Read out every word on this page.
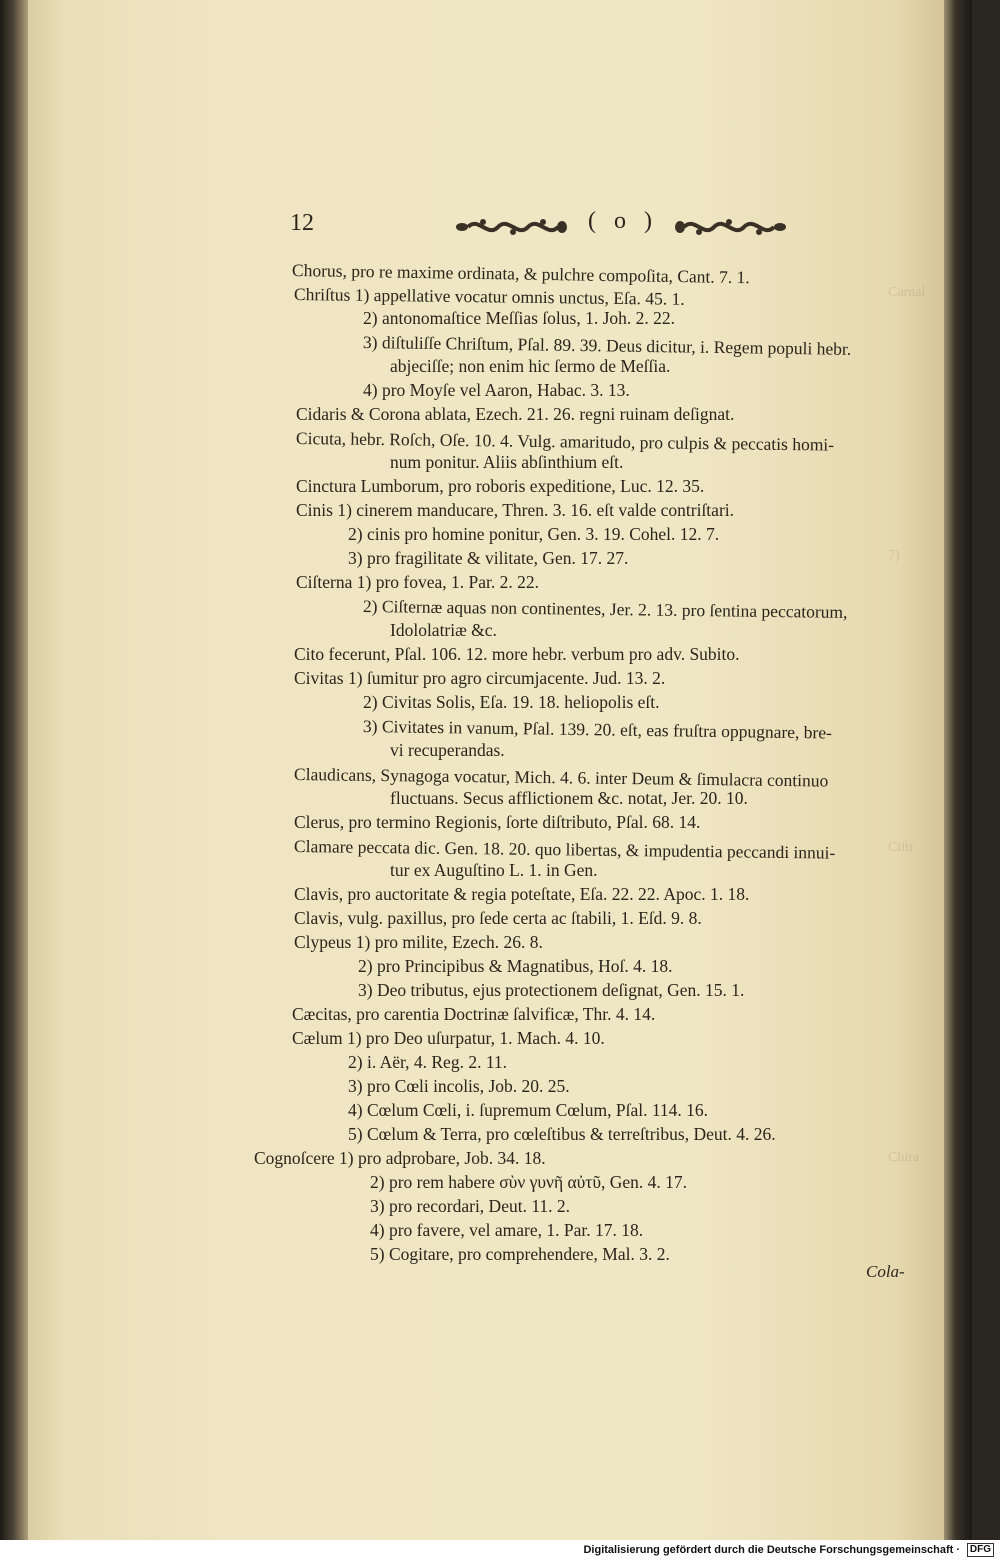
Carnal
7)
Ciſtr
Chira
12	( o )
Chorus, pro re maxime ordinata, & pulchre compoſita, Cant. 7. 1.
Chriſtus 1) appellative vocatur omnis unctus, Eſa. 45. 1.
2) antonomaſtice Meſſias ſolus, 1. Joh. 2. 22.
3) diſtuliſſe Chriſtum, Pſal. 89. 39. Deus dicitur, i. Regem populi hebr.
abjeciſſe; non enim hic ſermo de Meſſia.
4) pro Moyſe vel Aaron, Habac. 3. 13.
Cidaris & Corona ablata, Ezech. 21. 26. regni ruinam deſignat.
Cicuta, hebr. Roſch, Oſe. 10. 4. Vulg. amaritudo, pro culpis & peccatis homi-
num ponitur. Aliis abſinthium eſt.
Cinctura Lumborum, pro roboris expeditione, Luc. 12. 35.
Cinis 1) cinerem manducare, Thren. 3. 16. eſt valde contriſtari.
2) cinis pro homine ponitur, Gen. 3. 19. Cohel. 12. 7.
3) pro fragilitate & vilitate, Gen. 17. 27.
Ciſterna 1) pro fovea, 1. Par. 2. 22.
2) Ciſternæ aquas non continentes, Jer. 2. 13. pro ſentina peccatorum,
Idololatriæ &c.
Cito fecerunt, Pſal. 106. 12. more hebr. verbum pro adv. Subito.
Civitas 1) ſumitur pro agro circumjacente. Jud. 13. 2.
2) Civitas Solis, Eſa. 19. 18. heliopolis eſt.
3) Civitates in vanum, Pſal. 139. 20. eſt, eas fruſtra oppugnare, bre-
vi recuperandas.
Claudicans, Synagoga vocatur, Mich. 4. 6. inter Deum & ſimulacra continuo
fluctuans. Secus afflictionem &c. notat, Jer. 20. 10.
Clerus, pro termino Regionis, ſorte diſtributo, Pſal. 68. 14.
Clamare peccata dic. Gen. 18. 20. quo libertas, & impudentia peccandi innui-
tur ex Auguſtino L. 1. in Gen.
Clavis, pro auctoritate & regia poteſtate, Eſa. 22. 22. Apoc. 1. 18.
Clavis, vulg. paxillus, pro ſede certa ac ſtabili, 1. Eſd. 9. 8.
Clypeus 1) pro milite, Ezech. 26. 8.
2) pro Principibus & Magnatibus, Hoſ. 4. 18.
3) Deo tributus, ejus protectionem deſignat, Gen. 15. 1.
Cæcitas, pro carentia Doctrinæ ſalvificæ, Thr. 4. 14.
Cælum 1) pro Deo uſurpatur, 1. Mach. 4. 10.
2) i. Aër, 4. Reg. 2. 11.
3) pro Cœli incolis, Job. 20. 25.
4) Cœlum Cœli, i. ſupremum Cœlum, Pſal. 114. 16.
5) Cœlum & Terra, pro cœleſtibus & terreſtribus, Deut. 4. 26.
Cognoſcere 1) pro adprobare, Job. 34. 18.
2) pro rem habere σὺν γυνῆ αὐτῦ, Gen. 4. 17.
3) pro recordari, Deut. 11. 2.
4) pro favere, vel amare, 1. Par. 17. 18.
5) Cogitare, pro comprehendere, Mal. 3. 2.
Cola-
Digitalisierung gefördert durch die Deutsche Forschungsgemeinschaft · DFG
